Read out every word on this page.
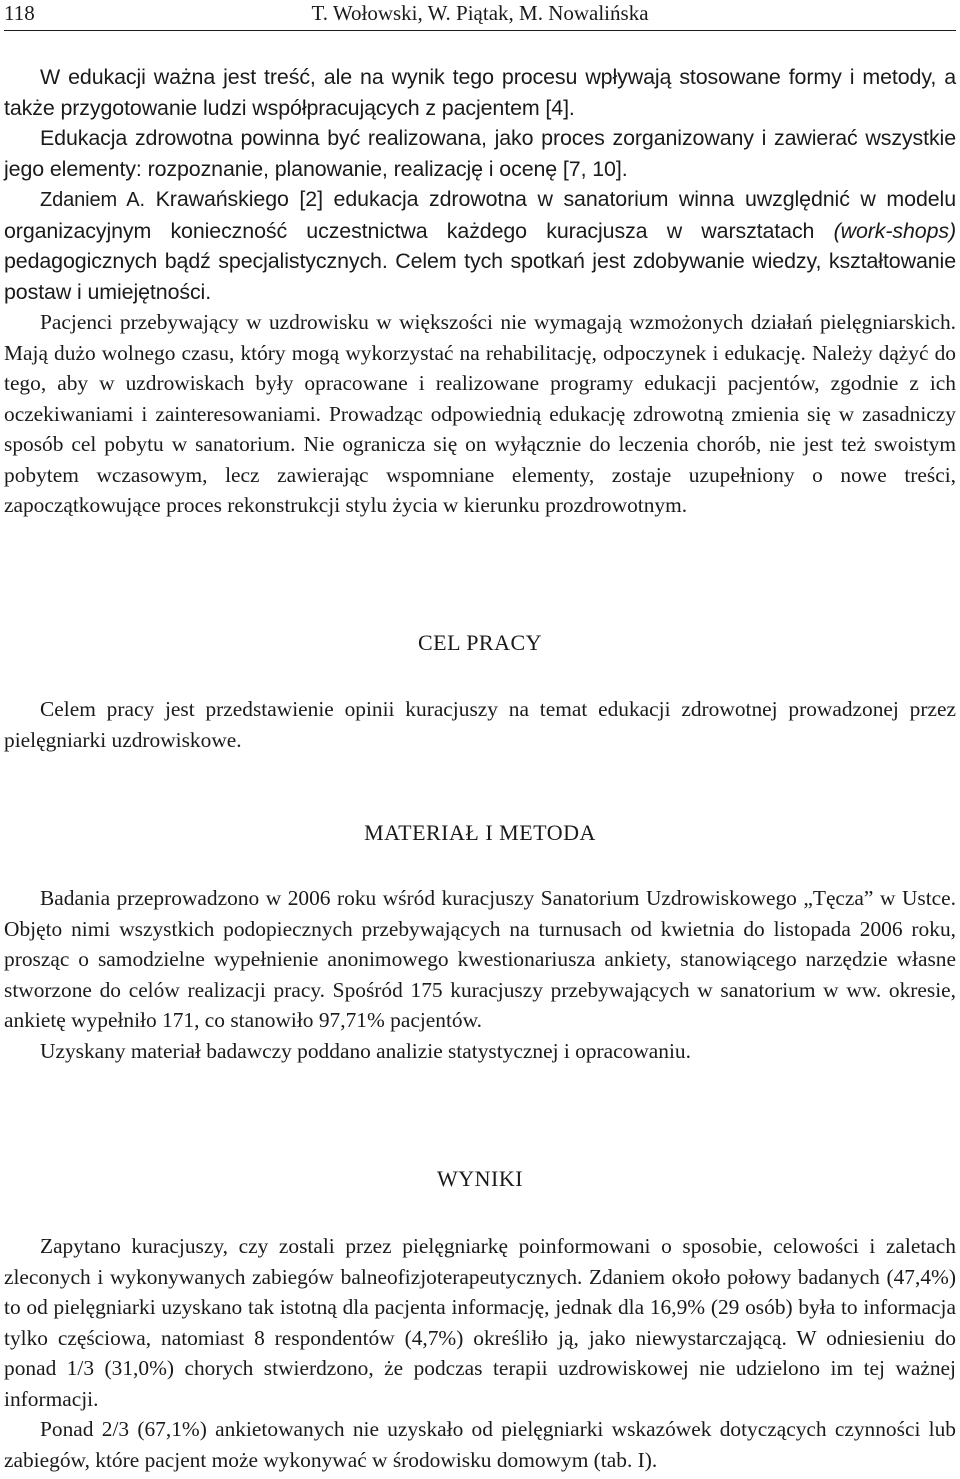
118	T. Wołowski, W. Piątak, M. Nowalińska

W edukacji ważna jest treść, ale na wynik tego procesu wpływają stosowane formy i metody, a także przygotowanie ludzi współpracujących z pacjentem [4].

Edukacja zdrowotna powinna być realizowana, jako proces zorganizowany i zawierać wszystkie jego elementy: rozpoznanie, planowanie, realizację i ocenę [7, 10].

Zdaniem A. Krawańskiego [2] edukacja zdrowotna w sanatorium winna uwzględnić w modelu organizacyjnym konieczność uczestnictwa każdego kuracjusza w warsztatach (work-shops) pedagogicznych bądź specjalistycznych. Celem tych spotkań jest zdobywanie wiedzy, kształtowanie postaw i umiejętności.

Pacjenci przebywający w uzdrowisku w większości nie wymagają wzmożonych działań pielęgniarskich. Mają dużo wolnego czasu, który mogą wykorzystać na rehabilitację, odpoczynek i edukację. Należy dążyć do tego, aby w uzdrowiskach były opracowane i realizowane programy edukacji pacjentów, zgodnie z ich oczekiwaniami i zainteresowaniami. Prowadząc odpowiednią edukację zdrowotną zmienia się w zasadniczy sposób cel pobytu w sanatorium. Nie ogranicza się on wyłącznie do leczenia chorób, nie jest też swoistym pobytem wczasowym, lecz zawierając wspomniane elementy, zostaje uzupełniony o nowe treści, zapoczątkowujące proces rekonstrukcji stylu życia w kierunku prozdrowotnym.

CEL PRACY

Celem pracy jest przedstawienie opinii kuracjuszy na temat edukacji zdrowotnej prowadzonej przez pielęgniarki uzdrowiskowe.

MATERIAŁ I METODA

Badania przeprowadzono w 2006 roku wśród kuracjuszy Sanatorium Uzdrowiskowego „Tęcza” w Ustce. Objęto nimi wszystkich podopiecznych przebywających na turnusach od kwietnia do listopada 2006 roku, prosząc o samodzielne wypełnienie anonimowego kwestionariusza ankiety, stanowiącego narzędzie własne stworzone do celów realizacji pracy. Spośród 175 kuracjuszy przebywających w sanatorium w ww. okresie, ankietę wypełniło 171, co stanowiło 97,71% pacjentów.

Uzyskany materiał badawczy poddano analizie statystycznej i opracowaniu.

WYNIKI

Zapytano kuracjuszy, czy zostali przez pielęgniarkę poinformowani o sposobie, celowości i zaletach zleconych i wykonywanych zabiegów balneofizjoterapeutycznych. Zdaniem około połowy badanych (47,4%) to od pielęgniarki uzyskano tak istotną dla pacjenta informację, jednak dla 16,9% (29 osób) była to informacja tylko częściowa, natomiast 8 respondentów (4,7%) określiło ją, jako niewystarczającą. W odniesieniu do ponad 1/3 (31,0%) chorych stwierdzono, że podczas terapii uzdrowiskowej nie udzielono im tej ważnej informacji.

Ponad 2/3 (67,1%) ankietowanych nie uzyskało od pielęgniarki wskazówek dotyczących czynności lub zabiegów, które pacjent może wykonywać w środowisku domowym (tab. I).
